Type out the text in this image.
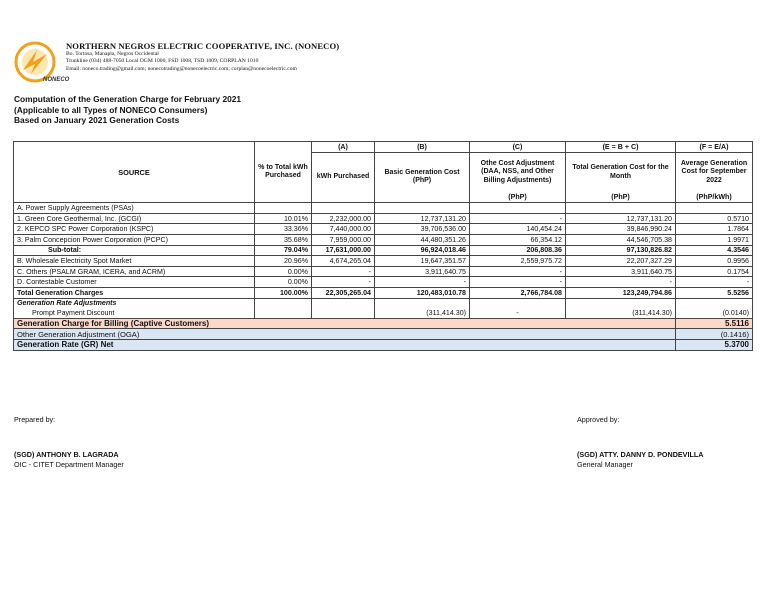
NONECO
NORTHERN NEGROS ELECTRIC COOPERATIVE, INC. (NONECO)
Bo. Tortosa, Manapla, Negros Occidental
Trunkline (034) 488-7050 Local OGM 1000, FSD 1008, TSD 1009, CORPLAN 1010
Email: noneco.trading@gmail.com; nonecotrading@nonecoelectric.com; corplan@nonecoelectric.com
Computation of the Generation Charge for February 2021
(Applicable to all Types of NONECO Consumers)
Based on January 2021 Generation Costs
SOURCE	% to Total kWh Purchased	(A)	(B)	(C)	(E = B + C)	(F = E/A)
		kWh Purchased	Basic Generation Cost (PhP)	Othe Cost Adjustment (DAA, NSS, and Other Billing Adjustments)	Total Generation Cost for the Month	Average Generation Cost for September 2022
				(PhP)	(PhP)	(PhP/kWh)
A. Power Supply Agreements (PSAs)						
1. Green Core Geothermal, Inc. (GCGI)	10.01%	2,232,000.00	12,737,131.20	-	12,737,131.20	0.5710
2. KEPCO SPC Power Corporation (KSPC)	33.36%	7,440,000.00	39,706,536.00	140,454.24	39,846,990.24	1.7864
3. Palm Concepcion Power Corporation (PCPC)	35.68%	7,959,000.00	44,480,351.26	66,354.12	44,546,705.38	1.9971
Sub-total:	79.04%	17,631,000.00	96,924,018.46	206,808.36	97,130,826.82	4.3546
B. Wholesale Electricity Spot Market	20.96%	4,674,265.04	19,647,351.57	2,559,975.72	22,207,327.29	0.9956
C. Others (PSALM GRAM, ICERA, and ACRM)	0.00%	-	3,911,640.75	-	3,911,640.75	0.1754
D. Contestable Customer	0.00%	-	-	-	-	-
Total Generation Charges	100.00%	22,305,265.04	120,483,010.78	2,766,784.08	123,249,794.86	5.5256
Generation Rate Adjustments						
Prompt Payment Discount			(311,414.30)	-	(311,414.30)	(0.0140)
Generation Charge for Billing (Captive Customers)						5.5116
Other Generation Adjustment (OGA)						(0.1416)
Generation Rate (GR) Net						5.3700
Prepared by:
(SGD) ANTHONY B. LAGRADA
OIC - CITET Department Manager
Approved by:
(SGD) ATTY. DANNY D. PONDEVILLA
General Manager
